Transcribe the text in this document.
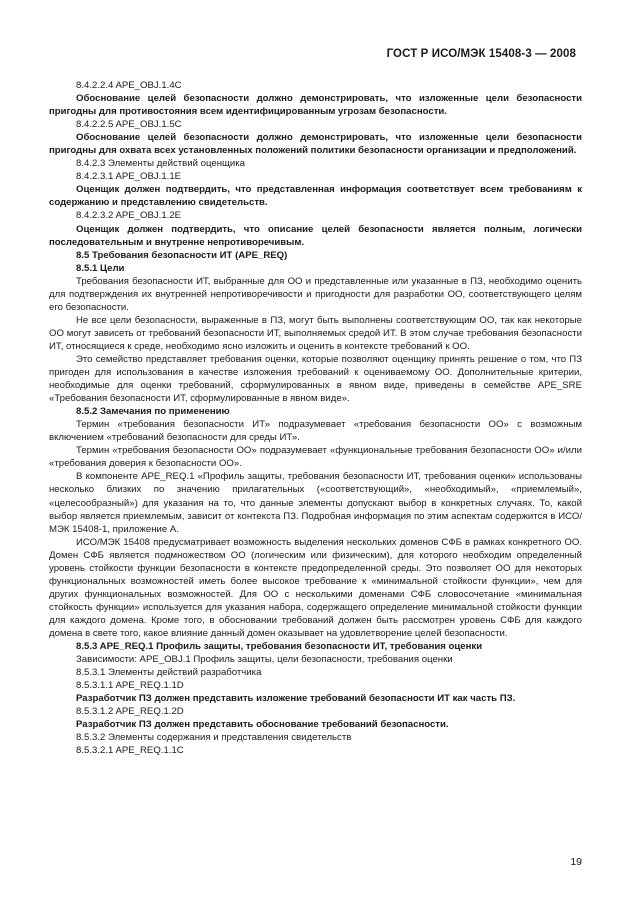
ГОСТ Р ИСО/МЭК 15408-3 — 2008

8.4.2.2.4 APE_OBJ.1.4C

Обоснование целей безопасности должно демонстрировать, что изложенные цели безопасности пригодны для противостояния всем идентифицированным угрозам безопасности.

8.4.2.2.5 APE_OBJ.1.5C

Обоснование целей безопасности должно демонстрировать, что изложенные цели безопасности пригодны для охвата всех установленных положений политики безопасности организации и предположений.

8.4.2.3 Элементы действий оценщика

8.4.2.3.1 APE_OBJ.1.1E

Оценщик должен подтвердить, что представленная информация соответствует всем требованиям к содержанию и представлению свидетельств.

8.4.2.3.2 APE_OBJ.1.2E

Оценщик должен подтвердить, что описание целей безопасности является полным, логически последовательным и внутренне непротиворечивым.

8.5 Требования безопасности ИТ (APE_REQ)

8.5.1 Цели

Требования безопасности ИТ, выбранные для ОО и представленные или указанные в ПЗ, необходимо оценить для подтверждения их внутренней непротиворечивости и пригодности для разработки ОО, соответствующего целям его безопасности.

Не все цели безопасности, выраженные в ПЗ, могут быть выполнены соответствующим ОО, так как некоторые ОО могут зависеть от требований безопасности ИТ, выполняемых средой ИТ. В этом случае требования безопасности ИТ, относящиеся к среде, необходимо ясно изложить и оценить в контексте требований к ОО.

Это семейство представляет требования оценки, которые позволяют оценщику принять решение о том, что ПЗ пригоден для использования в качестве изложения требований к оцениваемому ОО. Дополнительные критерии, необходимые для оценки требований, сформулированных в явном виде, приведены в семействе APE_SRE «Требования безопасности ИТ, сформулированные в явном виде».

8.5.2 Замечания по применению

Термин «требования безопасности ИТ» подразумевает «требования безопасности ОО» с возможным включением «требований безопасности для среды ИТ».

Термин «требования безопасности ОО» подразумевает «функциональные требования безопасности ОО» и/или «требования доверия к безопасности ОО».

В компоненте APE_REQ.1 «Профиль защиты, требования безопасности ИТ, требования оценки» использованы несколько близких по значению прилагательных («соответствующий», «необходимый», «приемлемый», «целесообразный») для указания на то, что данные элементы допускают выбор в конкретных случаях. То, какой выбор является приемлемым, зависит от контекста ПЗ. Подробная информация по этим аспектам содержится в ИСО/МЭК 15408-1, приложение А.

ИСО/МЭК 15408 предусматривает возможность выделения нескольких доменов СФБ в рамках конкретного ОО. Домен СФБ является подмножеством ОО (логическим или физическим), для которого необходим определенный уровень стойкости функции безопасности в контексте предопределенной среды. Это позволяет ОО для некоторых функциональных возможностей иметь более высокое требование к «минимальной стойкости функции», чем для других функциональных возможностей. Для ОО с несколькими доменами СФБ словосочетание «минимальная стойкость функции» используется для указания набора, содержащего определение минимальной стойкости функции для каждого домена. Кроме того, в обосновании требований должен быть рассмотрен уровень СФБ для каждого домена в свете того, какое влияние данный домен оказывает на удовлетворение целей безопасности.

8.5.3 APE_REQ.1 Профиль защиты, требования безопасности ИТ, требования оценки

Зависимости: APE_OBJ.1 Профиль защиты, цели безопасности, требования оценки

8.5.3.1 Элементы действий разработчика

8.5.3.1.1 APE_REQ.1.1D

Разработчик ПЗ должен представить изложение требований безопасности ИТ как часть ПЗ.

8.5.3.1.2 APE_REQ.1.2D

Разработчик ПЗ должен представить обоснование требований безопасности.

8.5.3.2 Элементы содержания и представления свидетельств

8.5.3.2.1 APE_REQ.1.1C

19
